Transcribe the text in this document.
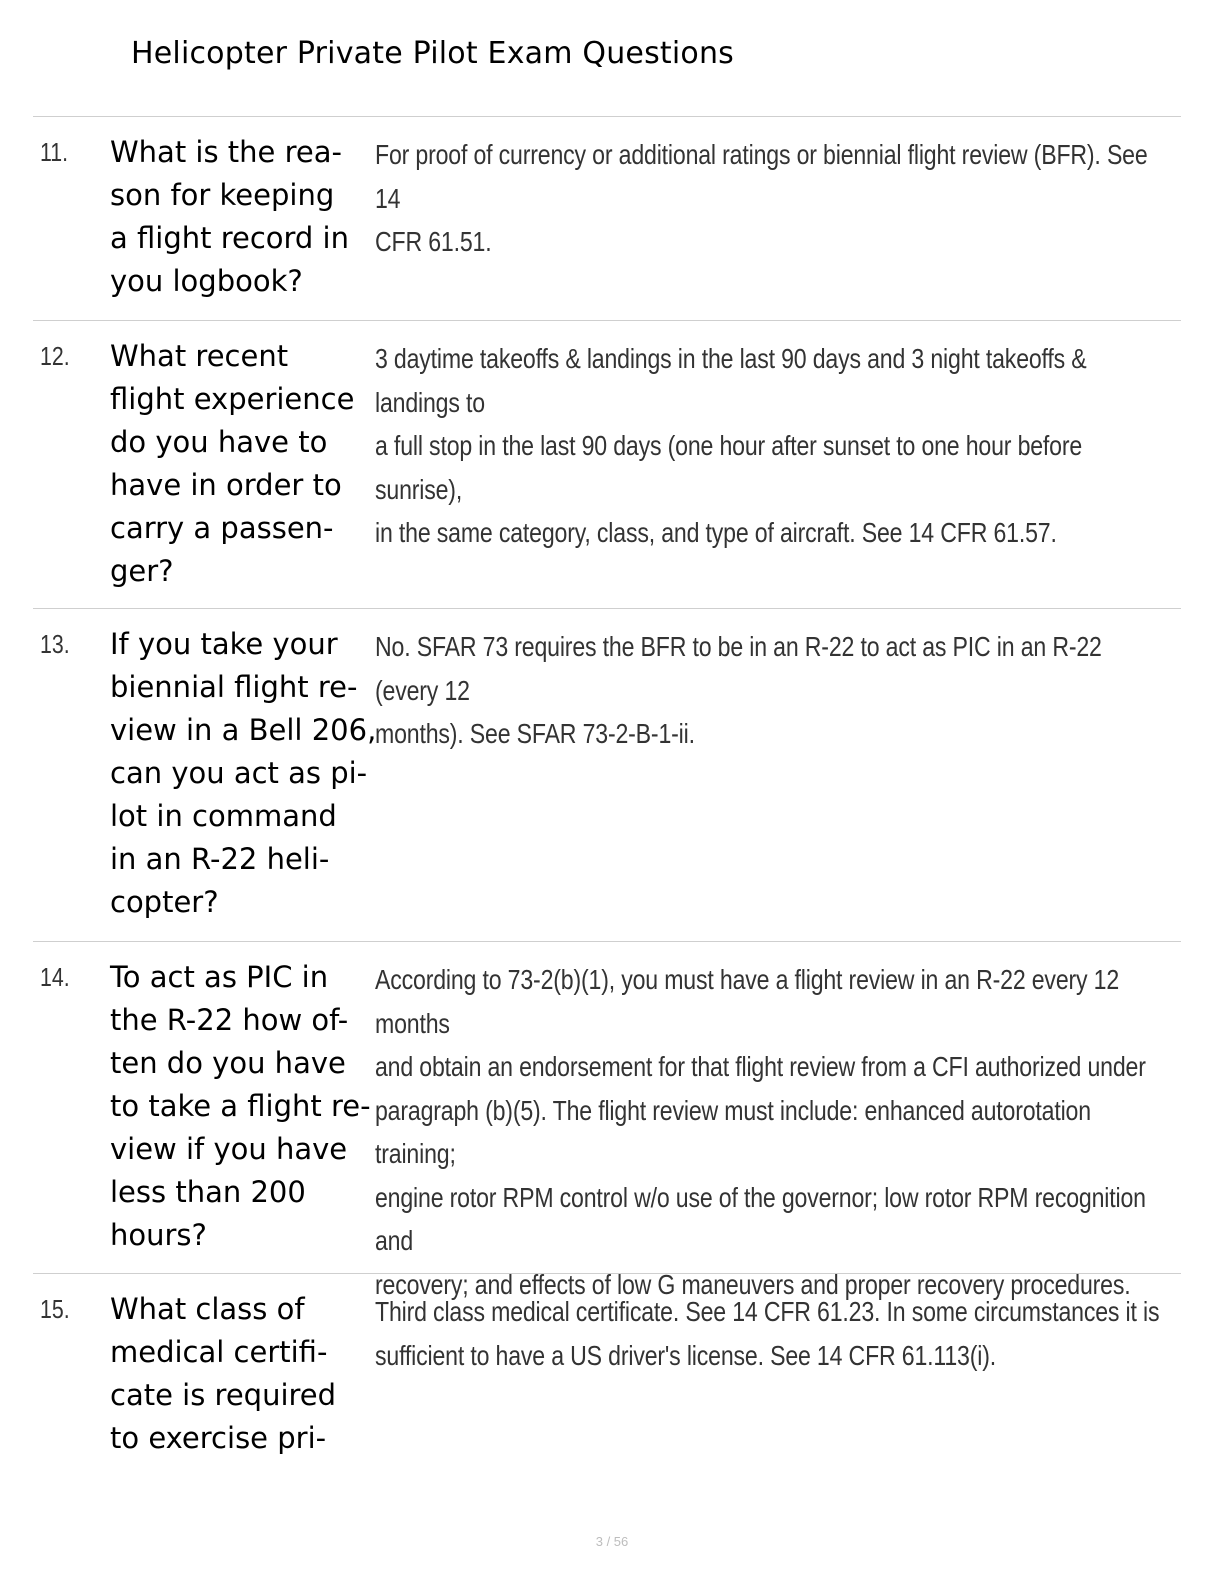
Helicopter Private Pilot Exam Questions
11. What is the rea-
son for keeping
a flight record in
you logbook?
For proof of currency or additional ratings or biennial flight review (BFR). See 14
CFR 61.51.
12. What recent
flight experience
do you have to
have in order to
carry a passen-
ger?
3 daytime takeoffs & landings in the last 90 days and 3 night takeoffs & landings to
a full stop in the last 90 days (one hour after sunset to one hour before sunrise),
in the same category, class, and type of aircraft. See 14 CFR 61.57.
13. If you take your
biennial flight re-
view in a Bell 206,
can you act as pi-
lot in command
in an R-22 heli-
copter?
No. SFAR 73 requires the BFR to be in an R-22 to act as PIC in an R-22 (every 12
months). See SFAR 73-2-B-1-ii.
14. To act as PIC in
the R-22 how of-
ten do you have
to take a flight re-
view if you have
less than 200
hours?
According to 73-2(b)(1), you must have a flight review in an R-22 every 12 months
and obtain an endorsement for that flight review from a CFI authorized under
paragraph (b)(5). The flight review must include: enhanced autorotation training;
engine rotor RPM control w/o use of the governor; low rotor RPM recognition and
recovery; and effects of low G maneuvers and proper recovery procedures.
15. What class of
medical certifi-
cate is required
to exercise pri-
Third class medical certificate. See 14 CFR 61.23. In some circumstances it is
sufficient to have a US driver's license. See 14 CFR 61.113(i).
3 / 56
